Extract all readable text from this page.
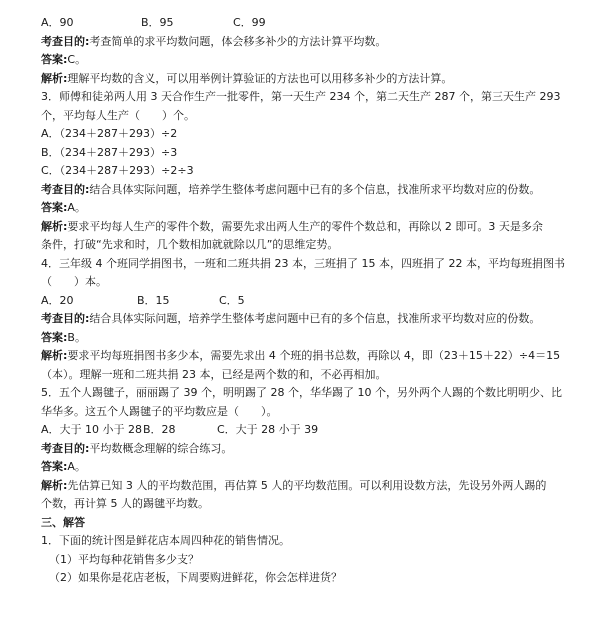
A．90	B．95	C．99
考查目的:考查简单的求平均数问题，体会移多补少的方法计算平均数。
答案:C。
解析:理解平均数的含义，可以用举例计算验证的方法也可以用移多补少的方法计算。
3．师傅和徒弟两人用 3 天合作生产一批零件，第一天生产 234 个，第二天生产 287 个，第三天生产 293
个，平均每人生产（　　）个。
A．（234＋287＋293）÷2
B．（234＋287＋293）÷3
C．（234＋287＋293）÷2÷3
考查目的:结合具体实际问题，培养学生整体考虑问题中已有的多个信息，找准所求平均数对应的份数。
答案:A。
解析:要求平均每人生产的零件个数，需要先求出两人生产的零件个数总和，再除以 2 即可。3 天是多余
条件，打破“先求和时，几个数相加就就除以几”的思维定势。
4．三年级 4 个班同学捐图书，一班和二班共捐 23 本，三班捐了 15 本，四班捐了 22 本，平均每班捐图书
（　　）本。
A．20	B．15	C．5
考查目的:结合具体实际问题，培养学生整体考虑问题中已有的多个信息，找准所求平均数对应的份数。
答案:B。
解析:要求平均每班捐图书多少本，需要先求出 4 个班的捐书总数，再除以 4，即（23＋15＋22）÷4＝15
（本）。理解一班和二班共捐 23 本，已经是两个数的和，不必再相加。
5．五个人踢毽子，丽丽踢了 39 个，明明踢了 28 个，华华踢了 10 个，另外两个人踢的个数比明明少、比
华华多。这五个人踢毽子的平均数应是（　　）。
A．大于 10 小于 28B．28	C．大于 28 小于 39
考查目的:平均数概念理解的综合练习。
答案:A。
解析:先估算已知 3 人的平均数范围，再估算 5 人的平均数范围。可以利用设数方法，先设另外两人踢的
个数，再计算 5 人的踢毽平均数。
三、解答
1．下面的统计图是鲜花店本周四种花的销售情况。
（1）平均每种花销售多少支？
（2）如果你是花店老板，下周要购进鲜花，你会怎样进货？
